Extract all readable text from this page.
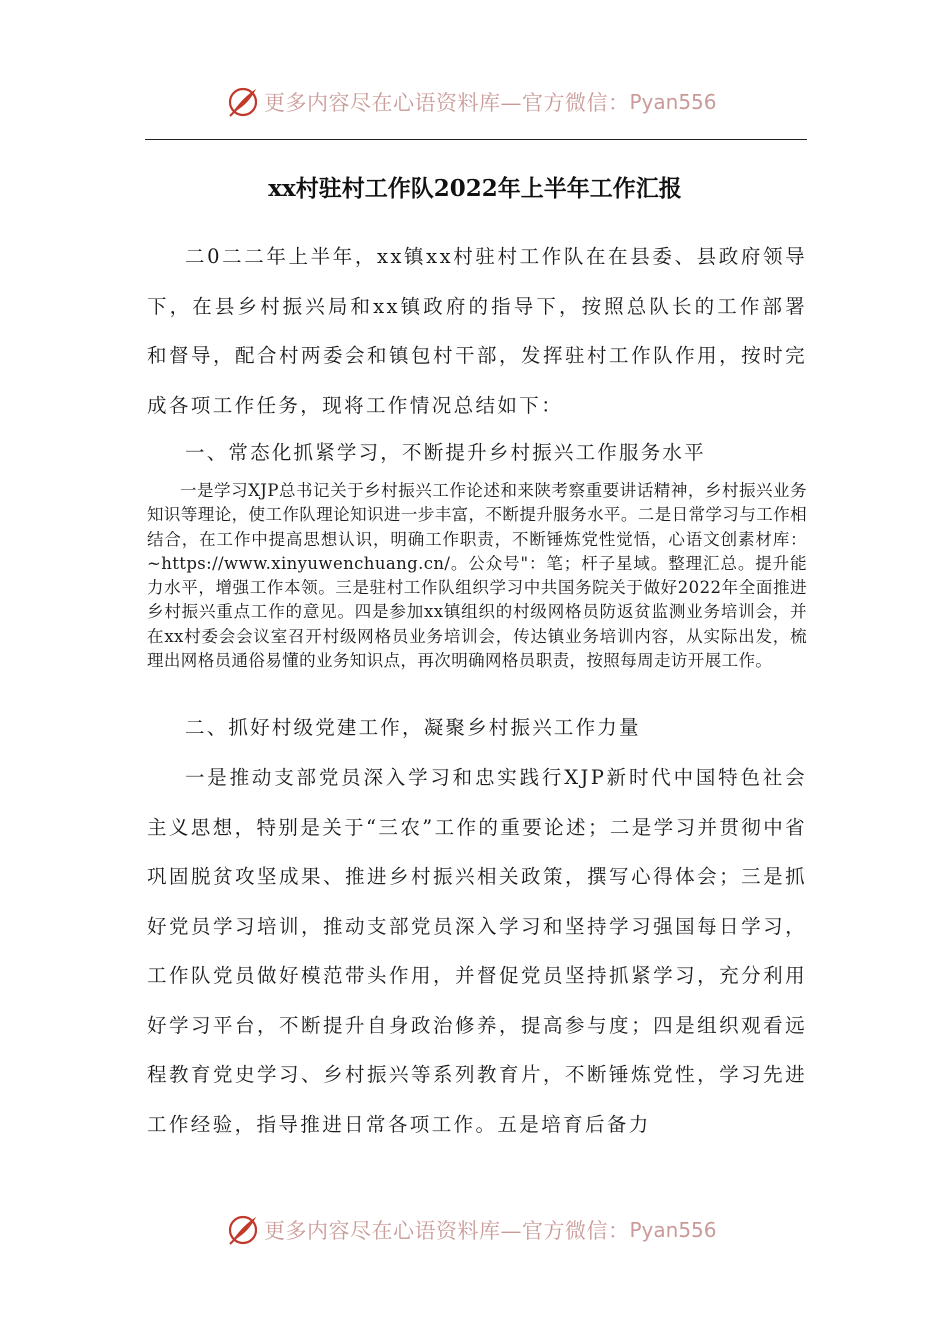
更多内容尽在心语资料库—官方微信： Pyan556
xx村驻村工作队2022年上半年工作汇报

二0二二年上半年，xx镇xx村驻村工作队在在县委、县政府领导下，在县乡村振兴局和xx镇政府的指导下，按照总队长的工作部署和督导，配合村两委会和镇包村干部，发挥驻村工作队作用，按时完成各项工作任务，现将工作情况总结如下：

一、常态化抓紧学习，不断提升乡村振兴工作服务水平

一是学习XJP总书记关于乡村振兴工作论述和来陕考察重要讲话精神，乡村振兴业务知识等理论，使工作队理论知识进一步丰富，不断提升服务水平。二是日常学习与工作相结合，在工作中提高思想认识，明确工作职责，不断锤炼党性觉悟，心语文创素材库：~https://www.xinyuwenchuang.cn/。公众号"：笔；杆子星域。整理汇总。提升能力水平，增强工作本领。三是驻村工作队组织学习中共国务院关于做好2022年全面推进乡村振兴重点工作的意见。四是参加xx镇组织的村级网格员防返贫监测业务培训会，并在xx村委会会议室召开村级网格员业务培训会，传达镇业务培训内容，从实际出发，梳理出网格员通俗易懂的业务知识点，再次明确网格员职责，按照每周走访开展工作。

二、抓好村级党建工作，凝聚乡村振兴工作力量

一是推动支部党员深入学习和忠实践行XJP新时代中国特色社会主义思想，特别是关于“三农”工作的重要论述；二是学习并贯彻中省巩固脱贫攻坚成果、推进乡村振兴相关政策，撰写心得体会；三是抓好党员学习培训，推动支部党员深入学习和坚持学习强国每日学习，工作队党员做好模范带头作用，并督促党员坚持抓紧学习，充分利用好学习平台，不断提升自身政治修养，提高参与度；四是组织观看远程教育党史学习、乡村振兴等系列教育片，不断锤炼党性，学习先进工作经验，指导推进日常各项工作。五是培育后备力

更多内容尽在心语资料库—官方微信： Pyan556
